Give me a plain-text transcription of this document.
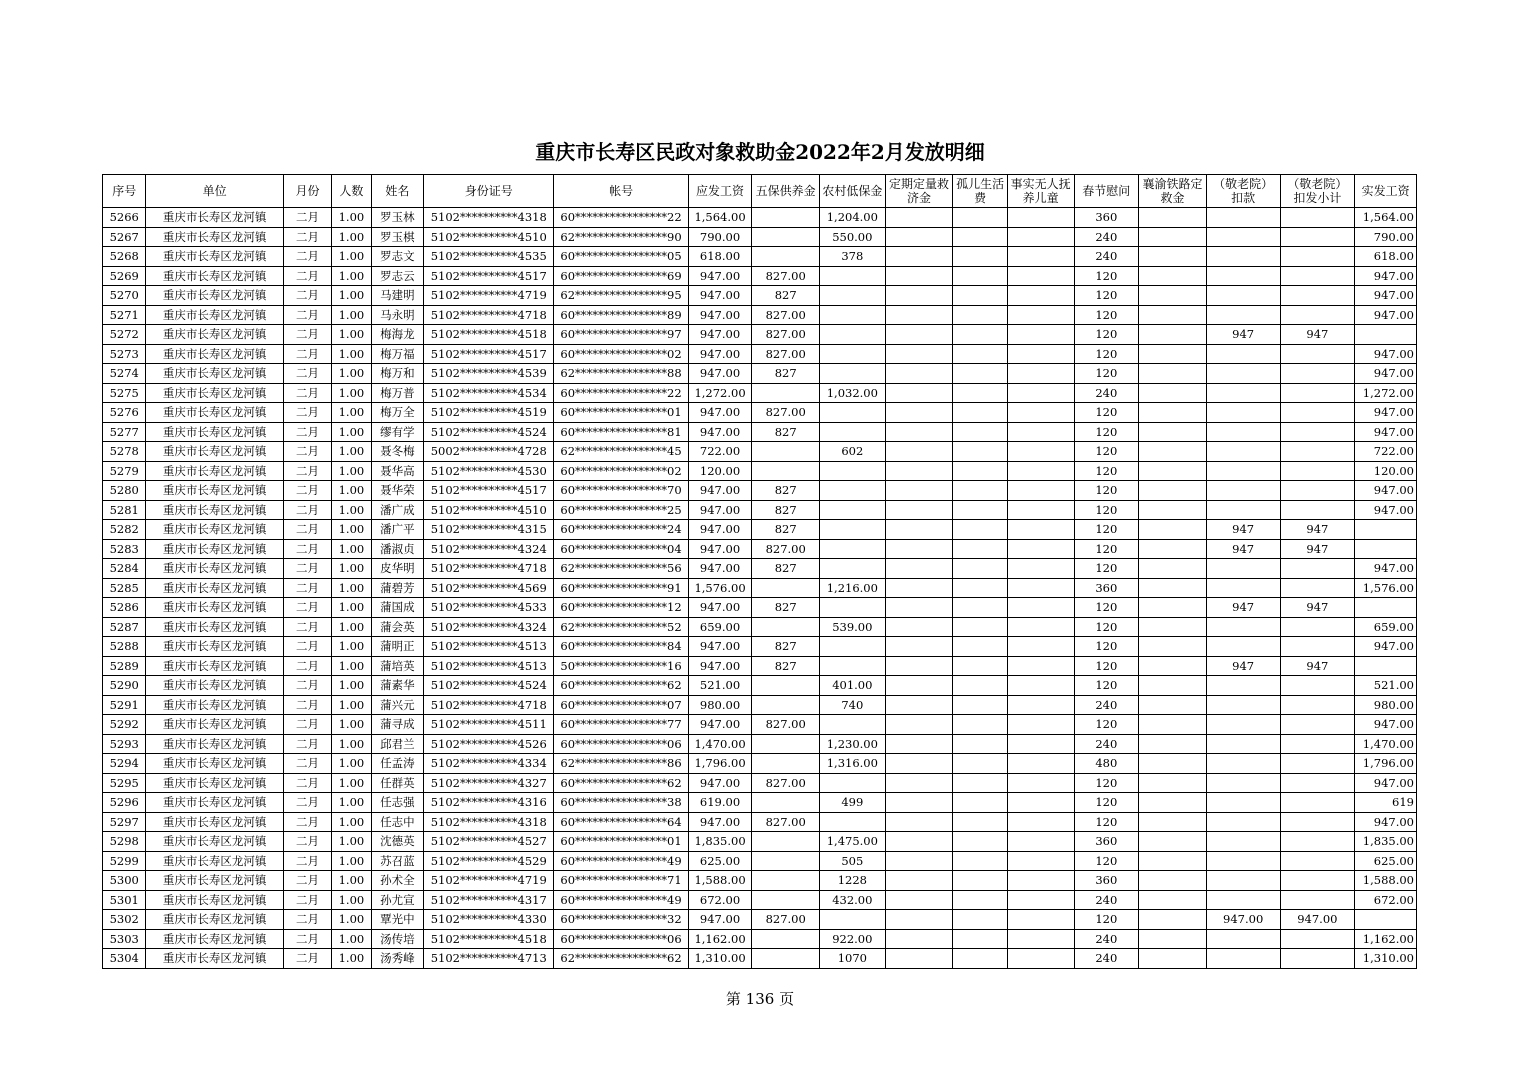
重庆市长寿区民政对象救助金2022年2月发放明细
序号	单位	月份	人数	姓名	身份证号	帐号	应发工资	五保供养金	农村低保金	定期定量救济金	孤儿生活费	事实无人抚养儿童	春节慰问	襄渝铁路定救金	（敬老院）扣款	（敬老院）扣发小计	实发工资
5266	重庆市长寿区龙河镇	二月	1.00	罗玉林	5102**********4318	60****************22	1,564.00		1,204.00				360				1,564.00
5267	重庆市长寿区龙河镇	二月	1.00	罗玉棋	5102**********4510	62****************90	790.00		550.00				240				790.00
5268	重庆市长寿区龙河镇	二月	1.00	罗志文	5102**********4535	60****************05	618.00		378				240				618.00
5269	重庆市长寿区龙河镇	二月	1.00	罗志云	5102**********4517	60****************69	947.00	827.00					120				947.00
5270	重庆市长寿区龙河镇	二月	1.00	马建明	5102**********4719	62****************95	947.00	827					120				947.00
5271	重庆市长寿区龙河镇	二月	1.00	马永明	5102**********4718	60****************89	947.00	827.00					120				947.00
5272	重庆市长寿区龙河镇	二月	1.00	梅海龙	5102**********4518	60****************97	947.00	827.00					120		947	947	
5273	重庆市长寿区龙河镇	二月	1.00	梅万福	5102**********4517	60****************02	947.00	827.00					120				947.00
5274	重庆市长寿区龙河镇	二月	1.00	梅万和	5102**********4539	62****************88	947.00	827					120				947.00
5275	重庆市长寿区龙河镇	二月	1.00	梅万普	5102**********4534	60****************22	1,272.00		1,032.00				240				1,272.00
5276	重庆市长寿区龙河镇	二月	1.00	梅万全	5102**********4519	60****************01	947.00	827.00					120				947.00
5277	重庆市长寿区龙河镇	二月	1.00	缪有学	5102**********4524	60****************81	947.00	827					120				947.00
5278	重庆市长寿区龙河镇	二月	1.00	聂冬梅	5002**********4728	62****************45	722.00		602				120				722.00
5279	重庆市长寿区龙河镇	二月	1.00	聂华高	5102**********4530	60****************02	120.00						120				120.00
5280	重庆市长寿区龙河镇	二月	1.00	聂华荣	5102**********4517	60****************70	947.00	827					120				947.00
5281	重庆市长寿区龙河镇	二月	1.00	潘广成	5102**********4510	60****************25	947.00	827					120				947.00
5282	重庆市长寿区龙河镇	二月	1.00	潘广平	5102**********4315	60****************24	947.00	827					120		947	947	
5283	重庆市长寿区龙河镇	二月	1.00	潘淑贞	5102**********4324	60****************04	947.00	827.00					120		947	947	
5284	重庆市长寿区龙河镇	二月	1.00	皮华明	5102**********4718	62****************56	947.00	827					120				947.00
5285	重庆市长寿区龙河镇	二月	1.00	蒲碧芳	5102**********4569	60****************91	1,576.00		1,216.00				360				1,576.00
5286	重庆市长寿区龙河镇	二月	1.00	蒲国成	5102**********4533	60****************12	947.00	827					120		947	947	
5287	重庆市长寿区龙河镇	二月	1.00	蒲会英	5102**********4324	62****************52	659.00		539.00				120				659.00
5288	重庆市长寿区龙河镇	二月	1.00	蒲明正	5102**********4513	60****************84	947.00	827					120				947.00
5289	重庆市长寿区龙河镇	二月	1.00	蒲培英	5102**********4513	50****************16	947.00	827					120		947	947	
5290	重庆市长寿区龙河镇	二月	1.00	蒲素华	5102**********4524	60****************62	521.00		401.00				120				521.00
5291	重庆市长寿区龙河镇	二月	1.00	蒲兴元	5102**********4718	60****************07	980.00		740				240				980.00
5292	重庆市长寿区龙河镇	二月	1.00	蒲寻成	5102**********4511	60****************77	947.00	827.00					120				947.00
5293	重庆市长寿区龙河镇	二月	1.00	邱君兰	5102**********4526	60****************06	1,470.00		1,230.00				240				1,470.00
5294	重庆市长寿区龙河镇	二月	1.00	任孟涛	5102**********4334	62****************86	1,796.00		1,316.00				480				1,796.00
5295	重庆市长寿区龙河镇	二月	1.00	任群英	5102**********4327	60****************62	947.00	827.00					120				947.00
5296	重庆市长寿区龙河镇	二月	1.00	任志强	5102**********4316	60****************38	619.00		499				120				619
5297	重庆市长寿区龙河镇	二月	1.00	任志中	5102**********4318	60****************64	947.00	827.00					120				947.00
5298	重庆市长寿区龙河镇	二月	1.00	沈德英	5102**********4527	60****************01	1,835.00		1,475.00				360				1,835.00
5299	重庆市长寿区龙河镇	二月	1.00	苏召蓝	5102**********4529	60****************49	625.00		505				120				625.00
5300	重庆市长寿区龙河镇	二月	1.00	孙术全	5102**********4719	60****************71	1,588.00		1228				360				1,588.00
5301	重庆市长寿区龙河镇	二月	1.00	孙尤宣	5102**********4317	60****************49	672.00		432.00				240				672.00
5302	重庆市长寿区龙河镇	二月	1.00	覃光中	5102**********4330	60****************32	947.00	827.00					120		947.00	947.00	
5303	重庆市长寿区龙河镇	二月	1.00	汤传培	5102**********4518	60****************06	1,162.00		922.00				240				1,162.00
5304	重庆市长寿区龙河镇	二月	1.00	汤秀峰	5102**********4713	62****************62	1,310.00		1070				240				1,310.00
第 136 页
